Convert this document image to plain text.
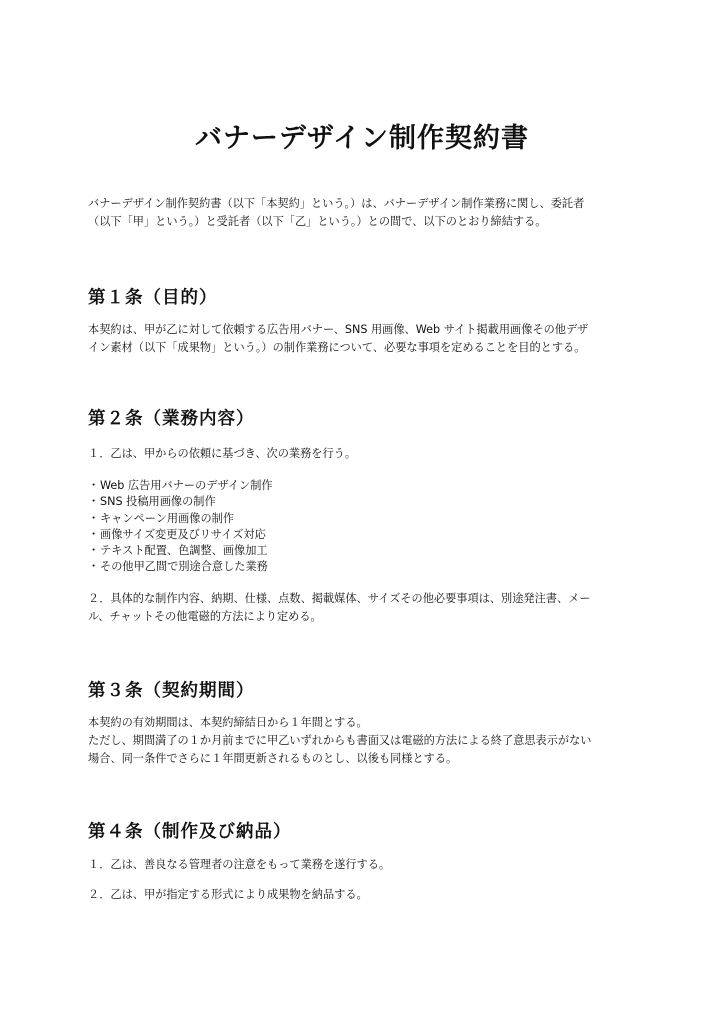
バナーデザイン制作契約書
バナーデザイン制作契約書（以下「本契約」という。）は、バナーデザイン制作業務に関し、委託者
（以下「甲」という。）と受託者（以下「乙」という。）との間で、以下のとおり締結する。
第１条（目的）
本契約は、甲が乙に対して依頼する広告用バナー、SNS 用画像、Web サイト掲載用画像その他デザ
イン素材（以下「成果物」という。）の制作業務について、必要な事項を定めることを目的とする。
第２条（業務内容）
１．乙は、甲からの依頼に基づき、次の業務を行う。
・Web 広告用バナーのデザイン制作
・SNS 投稿用画像の制作
・キャンペーン用画像の制作
・画像サイズ変更及びリサイズ対応
・テキスト配置、色調整、画像加工
・その他甲乙間で別途合意した業務
２．具体的な制作内容、納期、仕様、点数、掲載媒体、サイズその他必要事項は、別途発注書、メー
ル、チャットその他電磁的方法により定める。
第３条（契約期間）
本契約の有効期間は、本契約締結日から１年間とする。
ただし、期間満了の１か月前までに甲乙いずれからも書面又は電磁的方法による終了意思表示がない
場合、同一条件でさらに１年間更新されるものとし、以後も同様とする。
第４条（制作及び納品）
１．乙は、善良なる管理者の注意をもって業務を遂行する。
２．乙は、甲が指定する形式により成果物を納品する。
